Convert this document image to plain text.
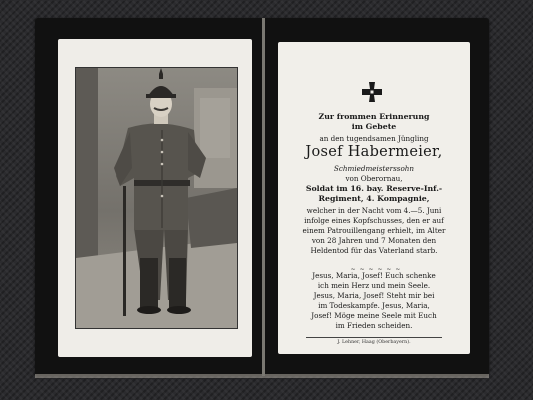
Zur frommen Erinnerung
im Gebete
an den tugendsamen Jüngling
Josef Habermeier,
Schmiedmeisterssohn
von Oberornau,
Soldat im 16. bay. Reserve-Inf.-
Regiment, 4. Kompagnie,
welcher in der Nacht vom 4.—5. Juni
infolge eines Kopfschusses, den er auf
einem Patrouillengang erhielt, im Alter
von 28 Jahren und 7 Monaten den
Heldentod für das Vaterland starb.
Jesus, Maria, Josef! Euch schenke
ich mein Herz und mein Seele.
Jesus, Maria, Josef! Steht mir bei
im Todeskampfe. Jesus, Maria,
Josef! Möge meine Seele mit Euch
im Frieden scheiden.
J. Lehner, Haag (Oberbayern).
~ ~ ~ ~ ~ ~
